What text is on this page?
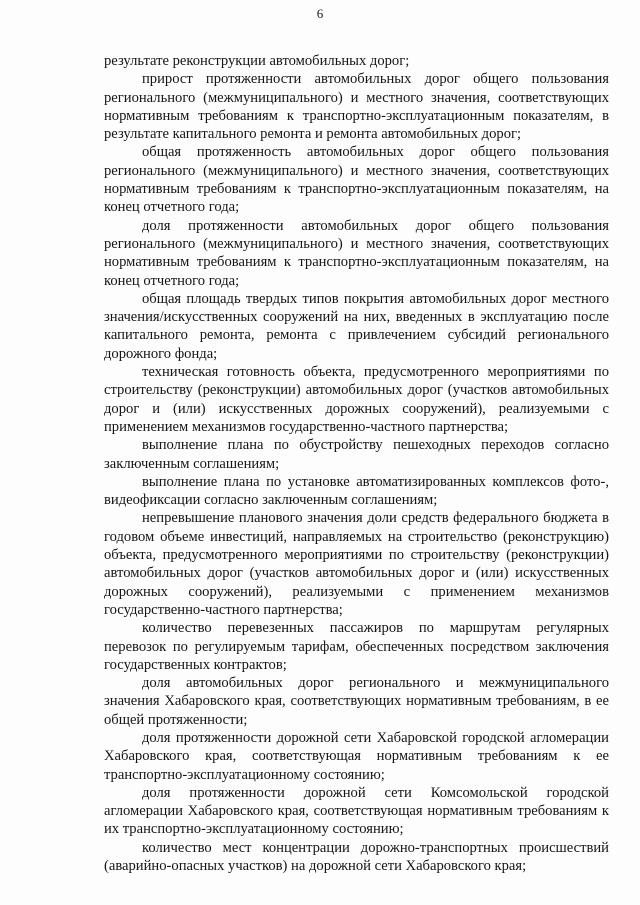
6

результате реконструкции автомобильных дорог;

прирост протяженности автомобильных дорог общего пользования регионального (межмуниципального) и местного значения, соответствующих нормативным требованиям к транспортно-эксплуатационным показателям, в результате капитального ремонта и ремонта автомобильных дорог;

общая протяженность автомобильных дорог общего пользования регионального (межмуниципального) и местного значения, соответствующих нормативным требованиям к транспортно-эксплуатационным показателям, на конец отчетного года;

доля протяженности автомобильных дорог общего пользования регионального (межмуниципального) и местного значения, соответствующих нормативным требованиям к транспортно-эксплуатационным показателям, на конец отчетного года;

общая площадь твердых типов покрытия автомобильных дорог местного значения/искусственных сооружений на них, введенных в эксплуатацию после капитального ремонта, ремонта с привлечением субсидий регионального дорожного фонда;

техническая готовность объекта, предусмотренного мероприятиями по строительству (реконструкции) автомобильных дорог (участков автомобильных дорог и (или) искусственных дорожных сооружений), реализуемыми с применением механизмов государственно-частного партнерства;

выполнение плана по обустройству пешеходных переходов согласно заключенным соглашениям;

выполнение плана по установке автоматизированных комплексов фото-, видеофиксации согласно заключенным соглашениям;

непревышение планового значения доли средств федерального бюджета в годовом объеме инвестиций, направляемых на строительство (реконструкцию) объекта, предусмотренного мероприятиями по строительству (реконструкции) автомобильных дорог (участков автомобильных дорог и (или) искусственных дорожных сооружений), реализуемыми с применением механизмов государственно-частного партнерства;

количество перевезенных пассажиров по маршрутам регулярных перевозок по регулируемым тарифам, обеспеченных посредством заключения государственных контрактов;

доля автомобильных дорог регионального и межмуниципального значения Хабаровского края, соответствующих нормативным требованиям, в ее общей протяженности;

доля протяженности дорожной сети Хабаровской городской агломерации Хабаровского края, соответствующая нормативным требованиям к ее транспортно-эксплуатационному состоянию;

доля протяженности дорожной сети Комсомольской городской агломерации Хабаровского края, соответствующая нормативным требованиям к их транспортно-эксплуатационному состоянию;

количество мест концентрации дорожно-транспортных происшествий (аварийно-опасных участков) на дорожной сети Хабаровского края;
